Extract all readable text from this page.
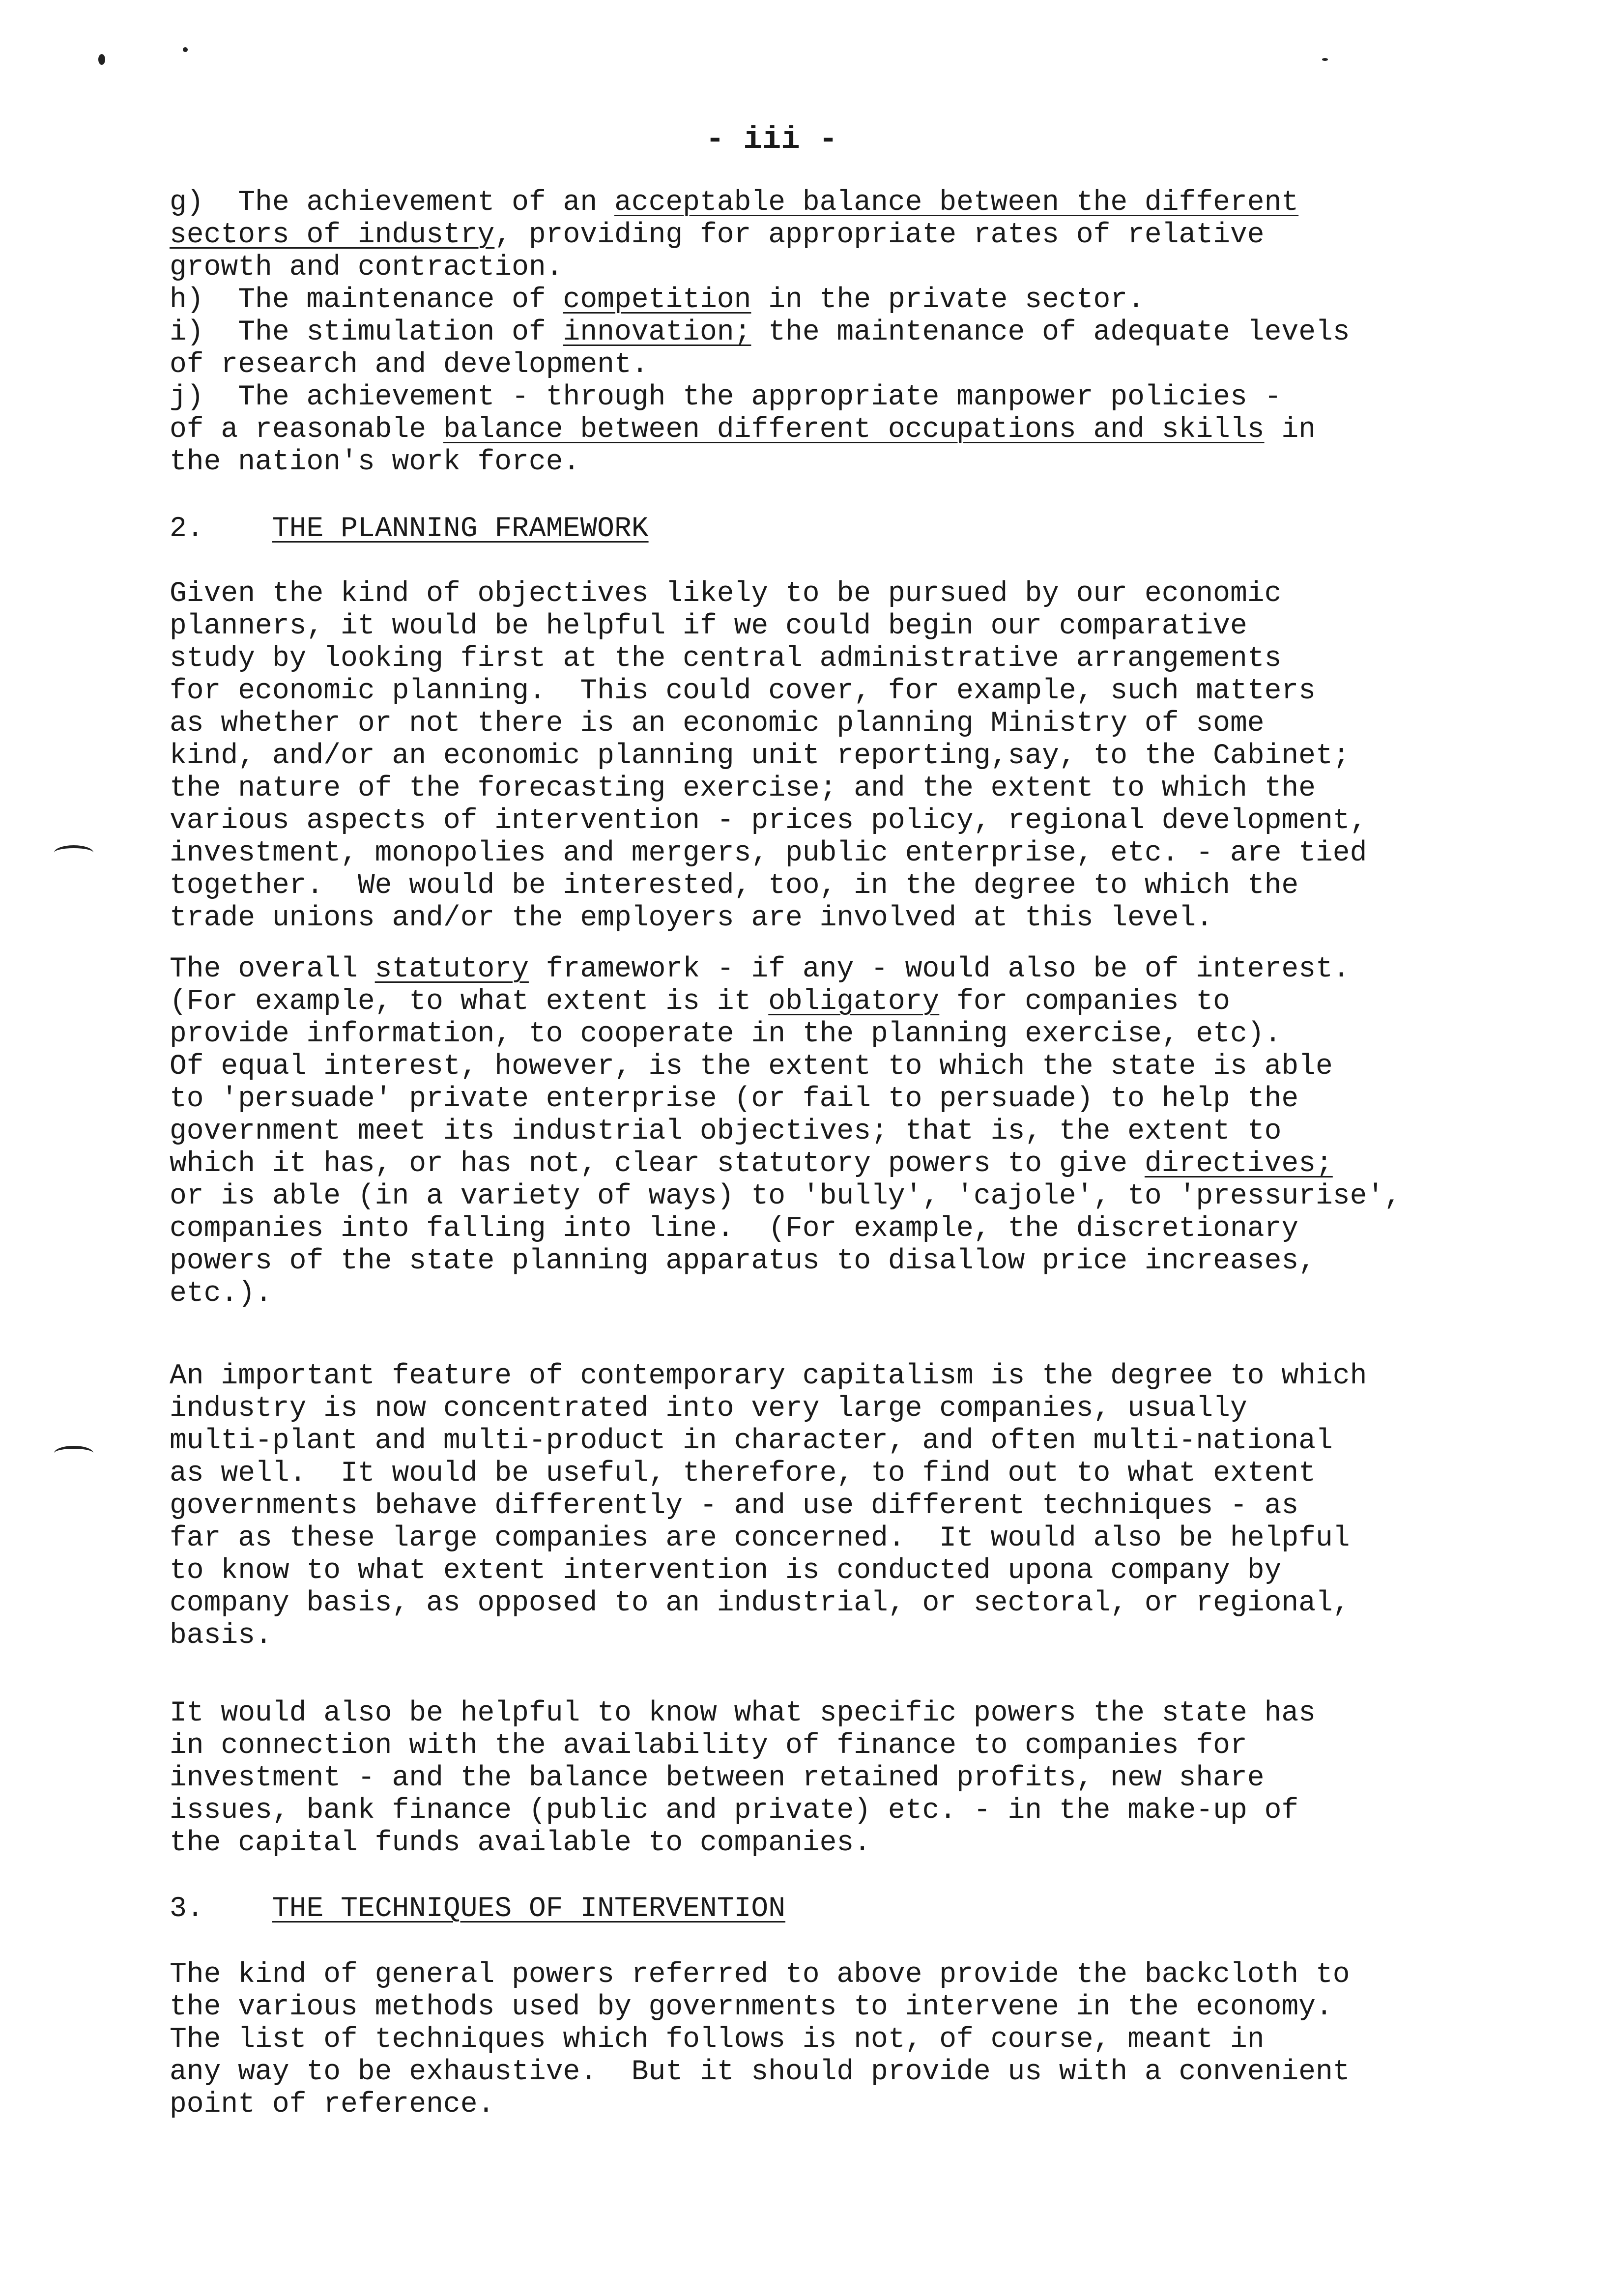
- iii -
g)  The achievement of an acceptable balance between the different
sectors of industry, providing for appropriate rates of relative
growth and contraction.
h)  The maintenance of competition in the private sector.
i)  The stimulation of innovation; the maintenance of adequate levels
of research and development.
j)  The achievement - through the appropriate manpower policies -
of a reasonable balance between different occupations and skills in
the nation's work force.
2. THE PLANNING FRAMEWORK
Given the kind of objectives likely to be pursued by our economic
planners, it would be helpful if we could begin our comparative
study by looking first at the central administrative arrangements
for economic planning.  This could cover, for example, such matters
as whether or not there is an economic planning Ministry of some
kind, and/or an economic planning unit reporting,say, to the Cabinet;
the nature of the forecasting exercise; and the extent to which the
various aspects of intervention - prices policy, regional development,
investment, monopolies and mergers, public enterprise, etc. - are tied
together.  We would be interested, too, in the degree to which the
trade unions and/or the employers are involved at this level.
The overall statutory framework - if any - would also be of interest.
(For example, to what extent is it obligatory for companies to
provide information, to cooperate in the planning exercise, etc).
Of equal interest, however, is the extent to which the state is able
to 'persuade' private enterprise (or fail to persuade) to help the
government meet its industrial objectives; that is, the extent to
which it has, or has not, clear statutory powers to give directives;
or is able (in a variety of ways) to 'bully', 'cajole', to 'pressurise',
companies into falling into line.  (For example, the discretionary
powers of the state planning apparatus to disallow price increases,
etc.).
An important feature of contemporary capitalism is the degree to which
industry is now concentrated into very large companies, usually
multi-plant and multi-product in character, and often multi-national
as well.  It would be useful, therefore, to find out to what extent
governments behave differently - and use different techniques - as
far as these large companies are concerned.  It would also be helpful
to know to what extent intervention is conducted upona company by
company basis, as opposed to an industrial, or sectoral, or regional,
basis.
It would also be helpful to know what specific powers the state has
in connection with the availability of finance to companies for
investment - and the balance between retained profits, new share
issues, bank finance (public and private) etc. - in the make-up of
the capital funds available to companies.
3. THE TECHNIQUES OF INTERVENTION
The kind of general powers referred to above provide the backcloth to
the various methods used by governments to intervene in the economy.
The list of techniques which follows is not, of course, meant in
any way to be exhaustive.  But it should provide us with a convenient
point of reference.
